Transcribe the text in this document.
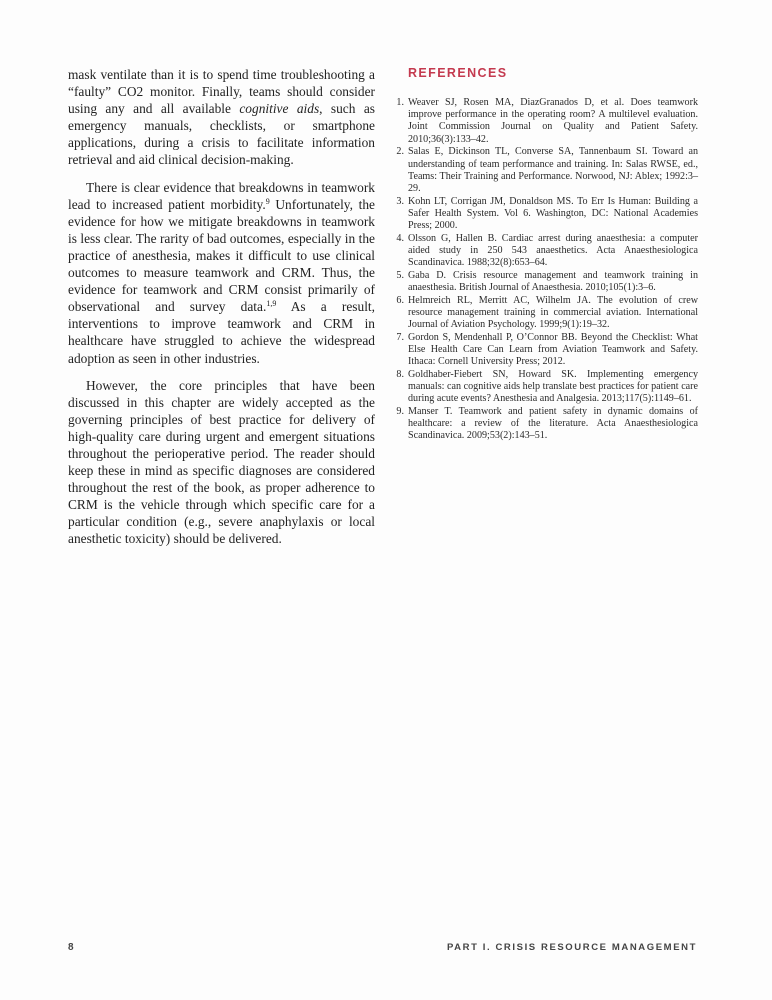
mask ventilate than it is to spend time troubleshooting a “faulty” CO2 monitor. Finally, teams should consider using any and all available cognitive aids, such as emergency manuals, checklists, or smartphone applications, during a crisis to facilitate information retrieval and aid clinical decision-making.

There is clear evidence that breakdowns in teamwork lead to increased patient morbidity.$^9$ Unfortunately, the evidence for how we mitigate breakdowns in teamwork is less clear. The rarity of bad outcomes, especially in the practice of anesthesia, makes it difficult to use clinical outcomes to measure teamwork and CRM. Thus, the evidence for teamwork and CRM consist primarily of observational and survey data.$^{1,9}$ As a result, interventions to improve teamwork and CRM in healthcare have struggled to achieve the widespread adoption as seen in other industries.

However, the core principles that have been discussed in this chapter are widely accepted as the governing principles of best practice for delivery of high-quality care during urgent and emergent situations throughout the perioperative period. The reader should keep these in mind as specific diagnoses are considered throughout the rest of the book, as proper adherence to CRM is the vehicle through which specific care for a particular condition (e.g., severe anaphylaxis or local anesthetic toxicity) should be delivered.

REFERENCES
1. Weaver SJ, Rosen MA, DiazGranados D, et al. Does teamwork improve performance in the operating room? A multilevel evaluation. Joint Commission Journal on Quality and Patient Safety. 2010;36(3):133–42.
2. Salas E, Dickinson TL, Converse SA, Tannenbaum SI. Toward an understanding of team performance and training. In: Salas RWSE, ed., Teams: Their Training and Performance. Norwood, NJ: Ablex; 1992:3–29.
3. Kohn LT, Corrigan JM, Donaldson MS. To Err Is Human: Building a Safer Health System. Vol 6. Washington, DC: National Academies Press; 2000.
4. Olsson G, Hallen B. Cardiac arrest during anaesthesia: a computer aided study in 250 543 anaesthetics. Acta Anaesthesiologica Scandinavica. 1988;32(8):653–64.
5. Gaba D. Crisis resource management and teamwork training in anaesthesia. British Journal of Anaesthesia. 2010;105(1):3–6.
6. Helmreich RL, Merritt AC, Wilhelm JA. The evolution of crew resource management training in commercial aviation. International Journal of Aviation Psychology. 1999;9(1):19–32.
7. Gordon S, Mendenhall P, O’Connor BB. Beyond the Checklist: What Else Health Care Can Learn from Aviation Teamwork and Safety. Ithaca: Cornell University Press; 2012.
8. Goldhaber-Fiebert SN, Howard SK. Implementing emergency manuals: can cognitive aids help translate best practices for patient care during acute events? Anesthesia and Analgesia. 2013;117(5):1149–61.
9. Manser T. Teamwork and patient safety in dynamic domains of healthcare: a review of the literature. Acta Anaesthesiologica Scandinavica. 2009;53(2):143–51.
8	PART I. CRISIS RESOURCE MANAGEMENT
